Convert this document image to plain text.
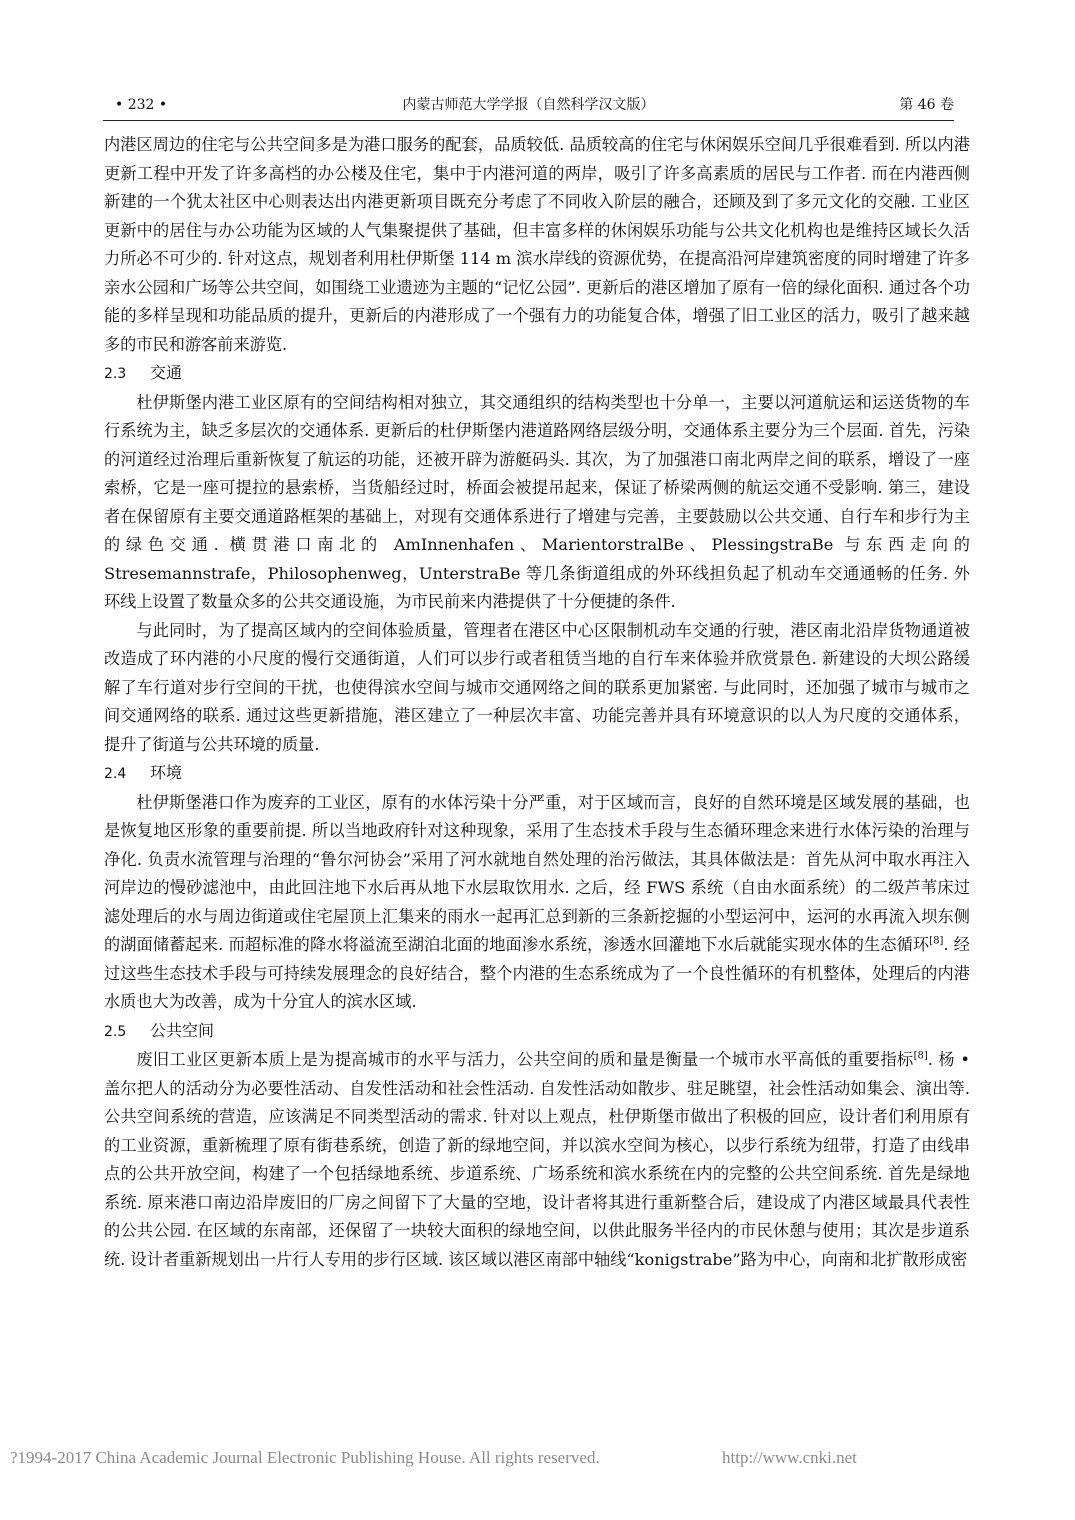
• 232 •	内蒙古师范大学学报（自然科学汉文版）	第 46 卷

内港区周边的住宅与公共空间多是为港口服务的配套，品质较低. 品质较高的住宅与休闲娱乐空间几乎很难看到. 所以内港更新工程中开发了许多高档的办公楼及住宅，集中于内港河道的两岸，吸引了许多高素质的居民与工作者. 而在内港西侧新建的一个犹太社区中心则表达出内港更新项目既充分考虑了不同收入阶层的融合，还顾及到了多元文化的交融. 工业区更新中的居住与办公功能为区域的人气集聚提供了基础，但丰富多样的休闲娱乐功能与公共文化机构也是维持区域长久活力所必不可少的. 针对这点，规划者利用杜伊斯堡 114 m 滨水岸线的资源优势，在提高沿河岸建筑密度的同时增建了许多亲水公园和广场等公共空间，如围绕工业遗迹为主题的“记忆公园”. 更新后的港区增加了原有一倍的绿化面积. 通过各个功能的多样呈现和功能品质的提升，更新后的内港形成了一个强有力的功能复合体，增强了旧工业区的活力，吸引了越来越多的市民和游客前来游览.

2.3 交通

杜伊斯堡内港工业区原有的空间结构相对独立，其交通组织的结构类型也十分单一，主要以河道航运和运送货物的车行系统为主，缺乏多层次的交通体系. 更新后的杜伊斯堡内港道路网络层级分明，交通体系主要分为三个层面. 首先，污染的河道经过治理后重新恢复了航运的功能，还被开辟为游艇码头. 其次，为了加强港口南北两岸之间的联系，增设了一座索桥，它是一座可提拉的悬索桥，当货船经过时，桥面会被提吊起来，保证了桥梁两侧的航运交通不受影响. 第三，建设者在保留原有主要交通道路框架的基础上，对现有交通体系进行了增建与完善，主要鼓励以公共交通、自行车和步行为主的绿色交通. 横贯港口南北的 AmInnenhafen、MarientorstralBe、PlessingstraBe 与东西走向的 Stresemannstrafe，Philosophenweg，UnterstraBe 等几条街道组成的外环线担负起了机动车交通通畅的任务. 外环线上设置了数量众多的公共交通设施，为市民前来内港提供了十分便捷的条件.

与此同时，为了提高区域内的空间体验质量，管理者在港区中心区限制机动车交通的行驶，港区南北沿岸货物通道被改造成了环内港的小尺度的慢行交通街道，人们可以步行或者租赁当地的自行车来体验并欣赏景色. 新建设的大坝公路缓解了车行道对步行空间的干扰，也使得滨水空间与城市交通网络之间的联系更加紧密. 与此同时，还加强了城市与城市之间交通网络的联系. 通过这些更新措施，港区建立了一种层次丰富、功能完善并具有环境意识的以人为尺度的交通体系，提升了街道与公共环境的质量.

2.4 环境

杜伊斯堡港口作为废弃的工业区，原有的水体污染十分严重，对于区域而言，良好的自然环境是区域发展的基础，也是恢复地区形象的重要前提. 所以当地政府针对这种现象，采用了生态技术手段与生态循环理念来进行水体污染的治理与净化. 负责水流管理与治理的“鲁尔河协会”采用了河水就地自然处理的治污做法，其具体做法是：首先从河中取水再注入河岸边的慢砂滤池中，由此回注地下水后再从地下水层取饮用水. 之后，经 FWS 系统（自由水面系统）的二级芦苇床过滤处理后的水与周边街道或住宅屋顶上汇集来的雨水一起再汇总到新的三条新挖掘的小型运河中，运河的水再流入坝东侧的湖面储蓄起来. 而超标准的降水将溢流至湖泊北面的地面渗水系统，渗透水回灌地下水后就能实现水体的生态循环[8]. 经过这些生态技术手段与可持续发展理念的良好结合，整个内港的生态系统成为了一个良性循环的有机整体，处理后的内港水质也大为改善，成为十分宜人的滨水区域.

2.5 公共空间

废旧工业区更新本质上是为提高城市的水平与活力，公共空间的质和量是衡量一个城市水平高低的重要指标[8]. 杨 • 盖尔把人的活动分为必要性活动、自发性活动和社会性活动. 自发性活动如散步、驻足眺望，社会性活动如集会、演出等. 公共空间系统的营造，应该满足不同类型活动的需求. 针对以上观点，杜伊斯堡市做出了积极的回应，设计者们利用原有的工业资源，重新梳理了原有街巷系统，创造了新的绿地空间，并以滨水空间为核心，以步行系统为纽带，打造了由线串点的公共开放空间，构建了一个包括绿地系统、步道系统、广场系统和滨水系统在内的完整的公共空间系统. 首先是绿地系统. 原来港口南边沿岸废旧的厂房之间留下了大量的空地，设计者将其进行重新整合后，建设成了内港区域最具代表性的公共公园. 在区域的东南部，还保留了一块较大面积的绿地空间，以供此服务半径内的市民休憩与使用；其次是步道系统. 设计者重新规划出一片行人专用的步行区域. 该区域以港区南部中轴线“konigstrabe”路为中心，向南和北扩散形成密

?1994-2017 China Academic Journal Electronic Publishing House. All rights reserved.	http://www.cnki.net
